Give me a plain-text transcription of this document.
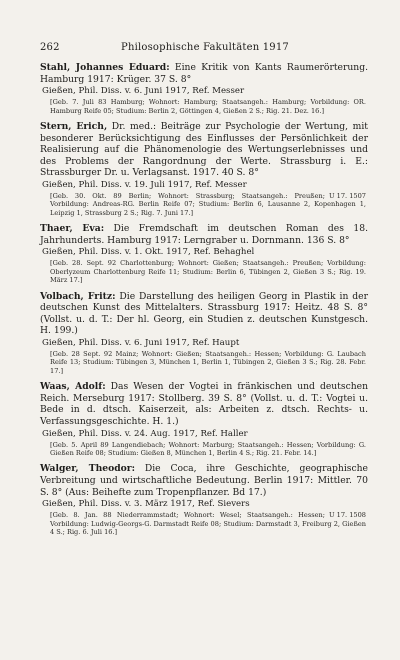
262	Philosophische Fakultäten 1917

Stahl, Johannes Eduard: Eine Kritik von Kants Raumerörterung. Hamburg 1917: Krüger. 37 S. 8°

Gießen, Phil. Diss. v. 6. Juni 1917, Ref. Messer

[Geb. 7. Juli 83 Hamburg; Wohnort: Hamburg; Staatsangeh.: Hamburg; Vorbildung: OR. Hamburg Reife 05; Studium: Berlin 2, Göttingen 4, Gießen 2 S.; Rig. 21. Dez. 16.]

Stern, Erich, Dr. med.: Beiträge zur Psychologie der Wertung, mit besonderer Berücksichtigung des Einflusses der Persönlichkeit der Realisierung auf die Phänomenologie des Wertungserlebnisses und des Problems der Rangordnung der Werte. Strassburg i. E.: Strassburger Dr. u. Verlagsanst. 1917. 40 S. 8°

Gießen, Phil. Diss. v. 19. Juli 1917, Ref. Messer

U 17. 1507
[Geb. 30. Okt. 89 Berlin; Wohnort: Strassburg; Staatsangeh.: Preußen; Vorbildung: Andreas-RG. Berlin Reife 07; Studium: Berlin 6, Lausanne 2, Kopenhagen 1, Leipzig 1, Strassburg 2 S.; Rig. 7. Juni 17.]

Thaer, Eva: Die Fremdschaft im deutschen Roman des 18. Jahrhunderts. Hamburg 1917: Lerngraber u. Dornmann. 136 S. 8°

Gießen, Phil. Diss. v. 1. Okt. 1917, Ref. Behaghel

[Geb. 28. Sept. 92 Charlottenburg; Wohnort: Gießen; Staatsangeh.: Preußen; Vorbildung: Oberlyzeum Charlottenburg Reife 11; Studium: Berlin 6, Tübingen 2, Gießen 3 S.; Rig. 19. März 17.]

Volbach, Fritz: Die Darstellung des heiligen Georg in Plastik in der deutschen Kunst des Mittelalters. Strassburg 1917: Heitz. 48 S. 8° (Vollst. u. d. T.: Der hl. Georg, ein Studien z. deutschen Kunstgesch. H. 199.)

Gießen, Phil. Diss. v. 6. Juni 1917, Ref. Haupt

[Geb. 28 Sept. 92 Mainz; Wohnort: Gießen; Staatsangeh.: Hessen; Vorbildung: G. Laubach Reife 13; Studium: Tübingen 3, München 1, Berlin 1, Tübingen 2, Gießen 3 S.; Rig. 28. Febr. 17.]

Waas, Adolf: Das Wesen der Vogtei in fränkischen und deutschen Reich. Merseburg 1917: Stollberg. 39 S. 8° (Vollst. u. d. T.: Vogtei u. Bede in d. dtsch. Kaiserzeit, als: Arbeiten z. dtsch. Rechts- u. Verfassungsgeschichte. H. 1.)

Gießen, Phil. Diss. v. 24. Aug. 1917, Ref. Haller

[Geb. 5. April 89 Langendiebach; Wohnort: Marburg; Staatsangeh.: Hessen; Vorbildung: G. Gießen Reife 08; Studium: Gießen 8, München 1, Berlin 4 S.; Rig. 21. Febr. 14.]

Walger, Theodor: Die Coca, ihre Geschichte, geographische Verbreitung und wirtschaftliche Bedeutung. Berlin 1917: Mittler. 70 S. 8° (Aus: Beihefte zum Tropenpflanzer. Bd 17.)

Gießen, Phil. Diss. v. 3. März 1917, Ref. Sievers

U 17. 1508
[Geb. 8. Jan. 88 Niederrammstadt; Wohnort: Wesel; Staatsangeh.: Hessen; Vorbildung: Ludwig-Georgs-G. Darmstadt Reife 08; Studium: Darmstadt 3, Freiburg 2, Gießen 4 S.; Rig. 6. Juli 16.]
